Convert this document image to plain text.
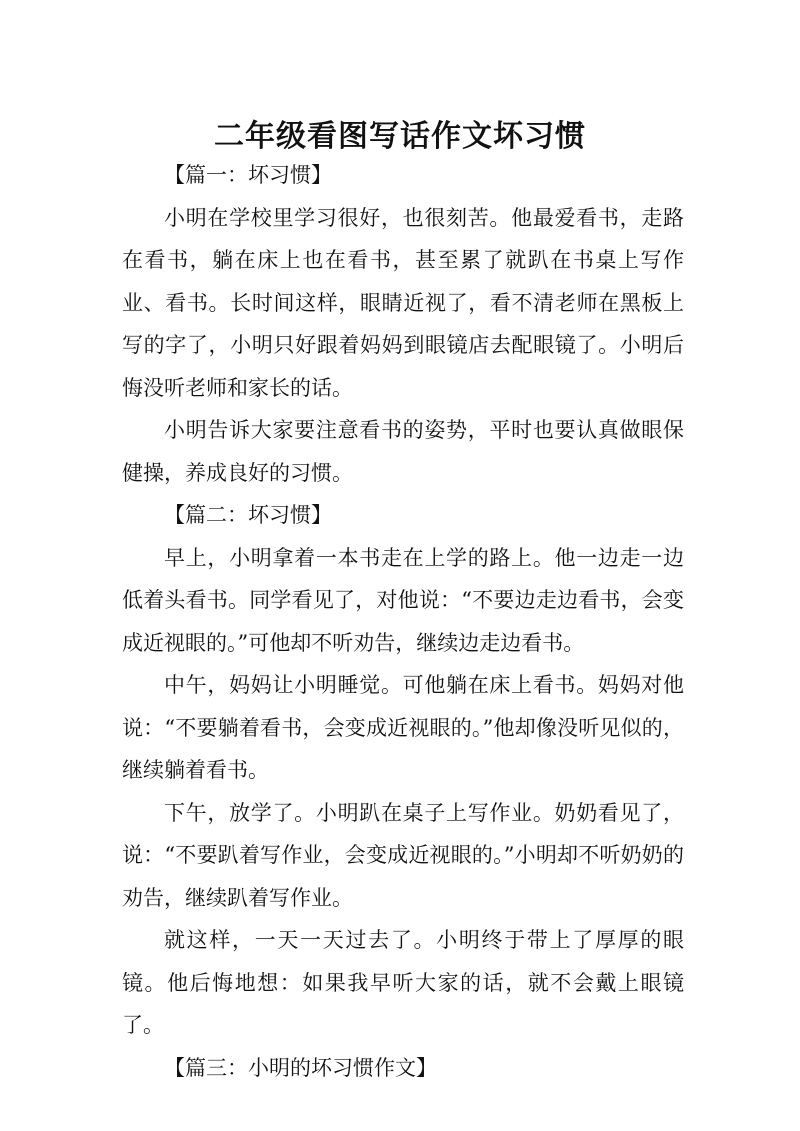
二年级看图写话作文坏习惯

【篇一：坏习惯】

小明在学校里学习很好，也很刻苦。他最爱看书，走路在看书，躺在床上也在看书，甚至累了就趴在书桌上写作业、看书。长时间这样，眼睛近视了，看不清老师在黑板上写的字了，小明只好跟着妈妈到眼镜店去配眼镜了。小明后悔没听老师和家长的话。

小明告诉大家要注意看书的姿势，平时也要认真做眼保健操，养成良好的习惯。

【篇二：坏习惯】

早上，小明拿着一本书走在上学的路上。他一边走一边低着头看书。同学看见了，对他说：“不要边走边看书，会变成近视眼的。”可他却不听劝告，继续边走边看书。

中午，妈妈让小明睡觉。可他躺在床上看书。妈妈对他说：“不要躺着看书，会变成近视眼的。”他却像没听见似的，继续躺着看书。

下午，放学了。小明趴在桌子上写作业。奶奶看见了，说：“不要趴着写作业，会变成近视眼的。”小明却不听奶奶的劝告，继续趴着写作业。

就这样，一天一天过去了。小明终于带上了厚厚的眼镜。他后悔地想：如果我早听大家的话，就不会戴上眼镜了。

【篇三：小明的坏习惯作文】
